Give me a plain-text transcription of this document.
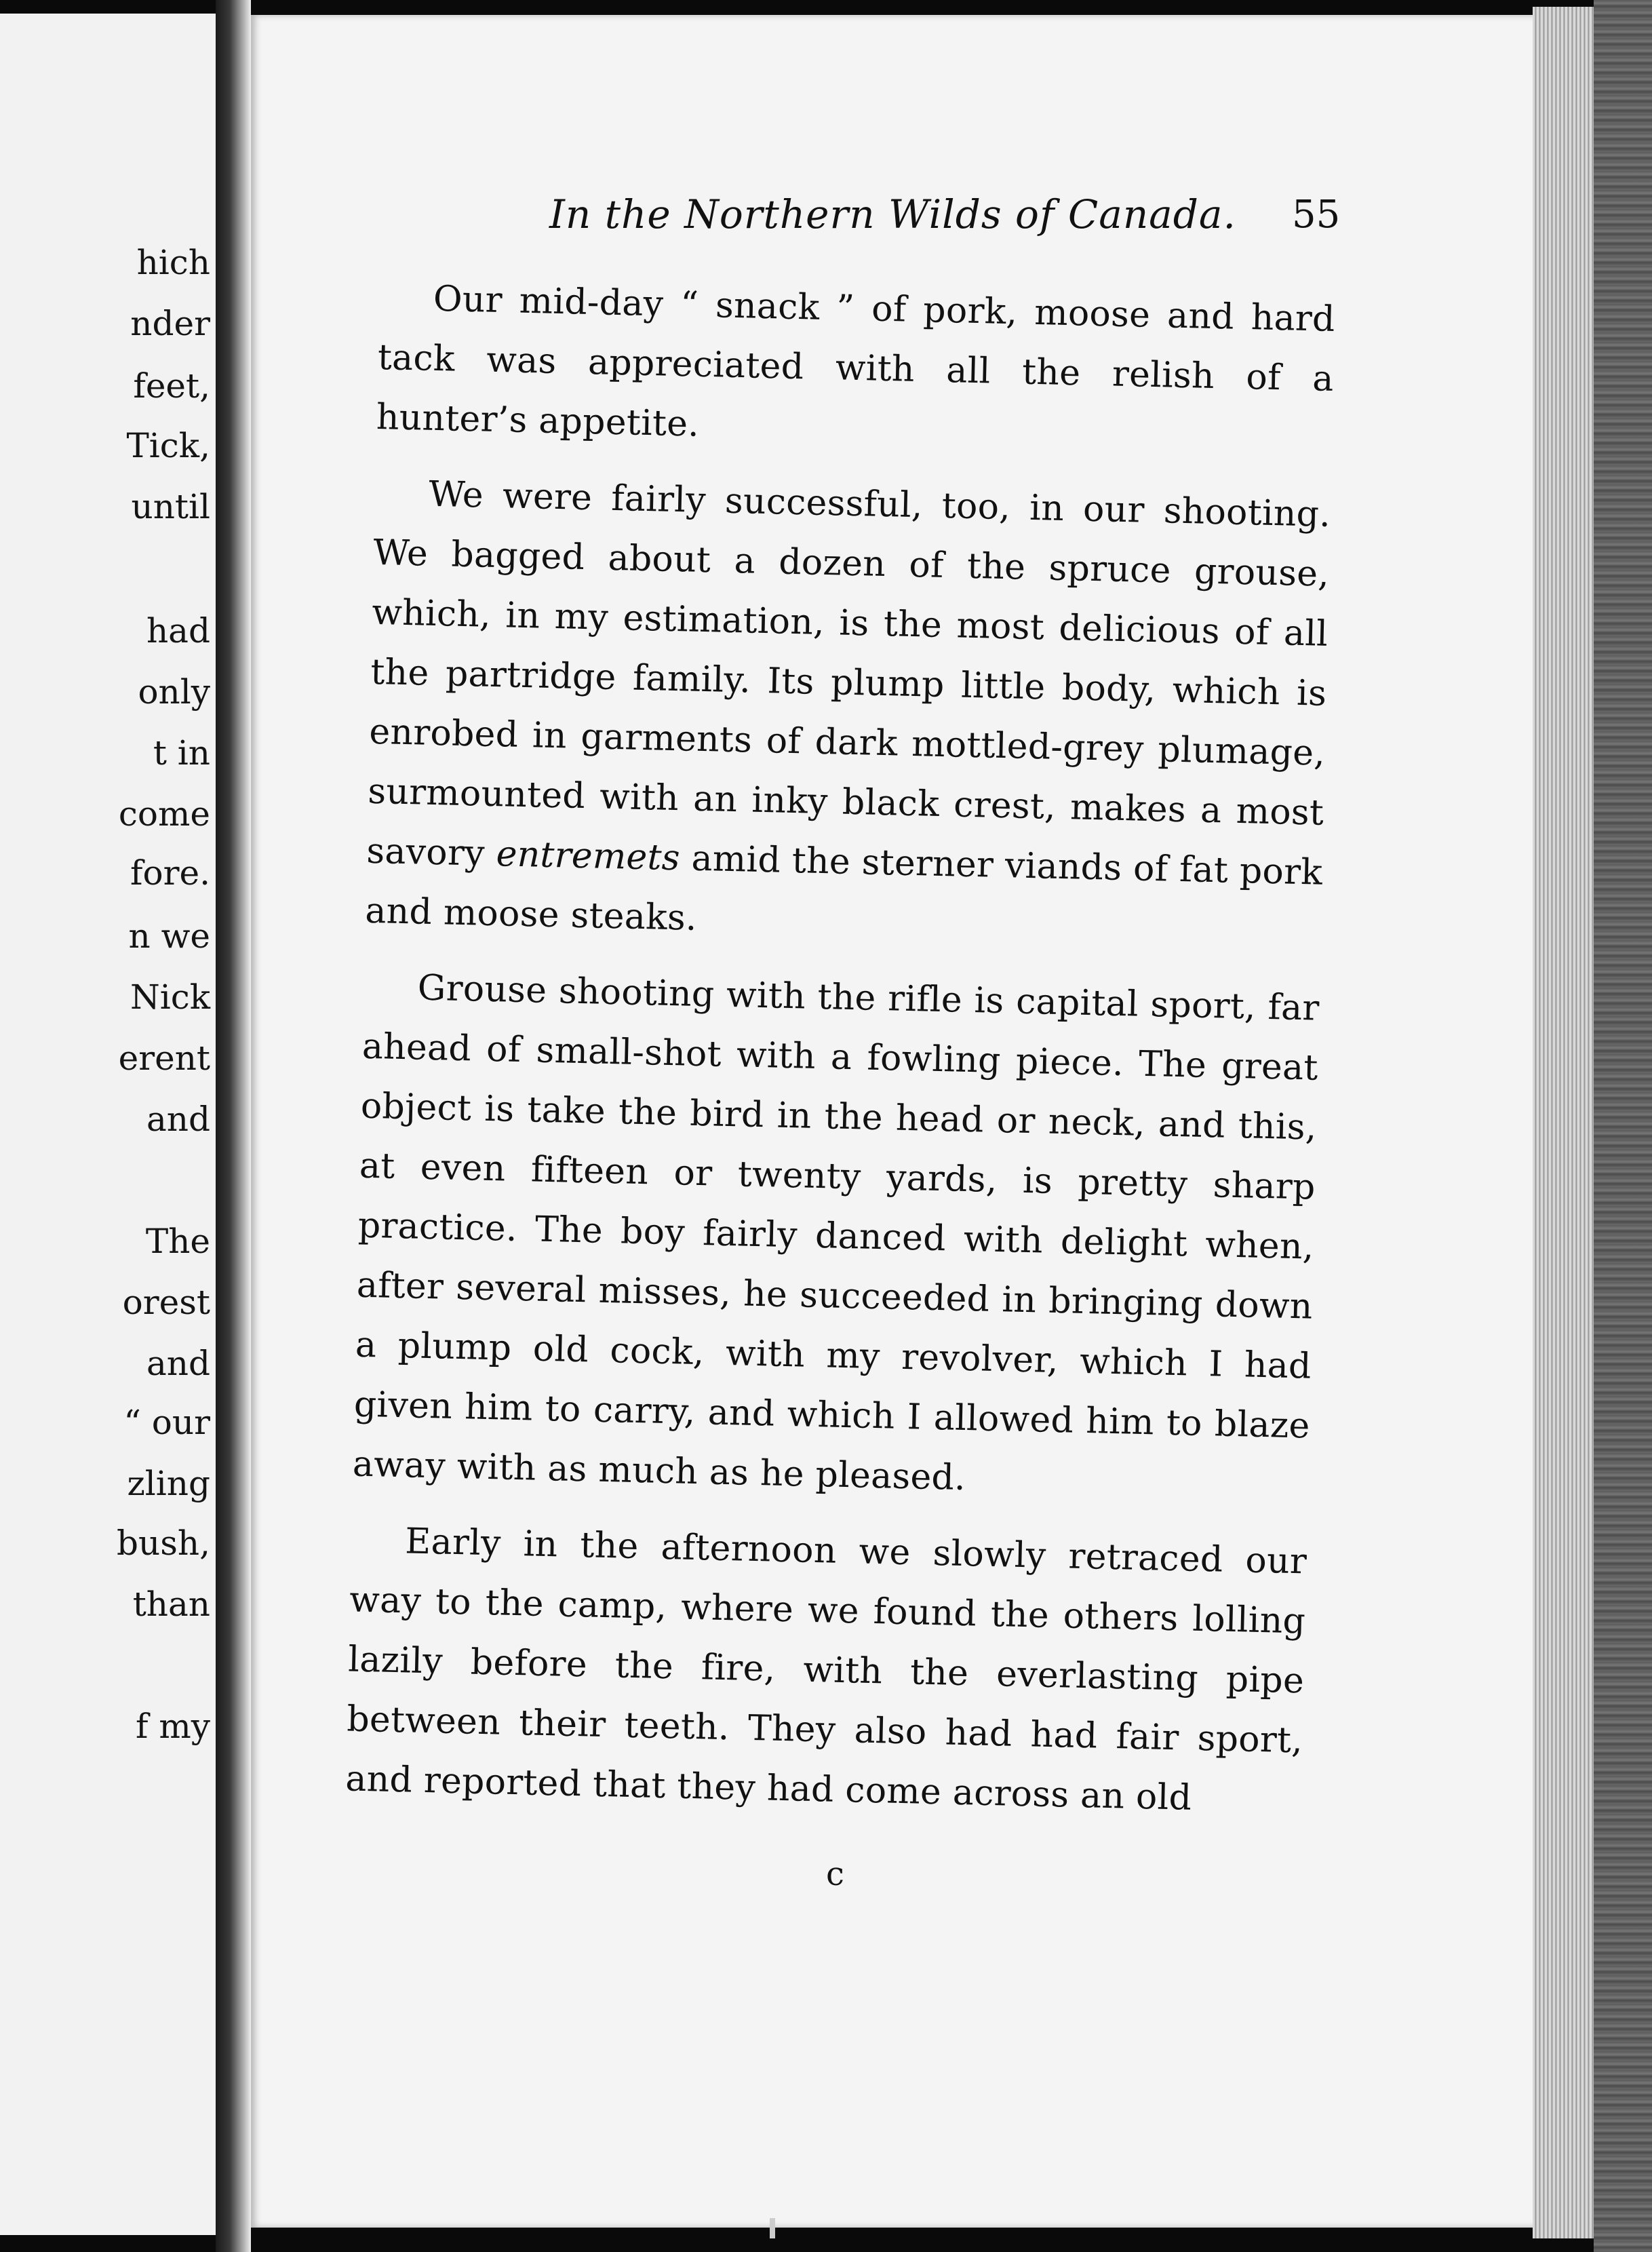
hich
nder
feet,
Tick,
until
had
only
t in
come
fore.
n we
Nick
erent
and
The
orest
and
“ our
zling
bush,
than
f my
In the Northern Wilds of Canada. 55

Our mid-day “ snack ” of pork, moose and hard tack was appreciated with all the relish of a hunter’s appetite.

We were fairly successful, too, in our shooting. We bagged about a dozen of the spruce grouse, which, in my estimation, is the most delicious of all the partridge family. Its plump little body, which is enrobed in garments of dark mottled-grey plumage, surmounted with an inky black crest, makes a most savory entremets amid the sterner viands of fat pork and moose steaks.

Grouse shooting with the rifle is capital sport, far ahead of small-shot with a fowling piece. The great object is take the bird in the head or neck, and this, at even fifteen or twenty yards, is pretty sharp practice. The boy fairly danced with delight when, after several misses, he succeeded in bringing down a plump old cock, with my revolver, which I had given him to carry, and which I allowed him to blaze away with as much as he pleased.

Early in the afternoon we slowly retraced our way to the camp, where we found the others lolling lazily before the fire, with the everlasting pipe between their teeth. They also had had fair sport, and reported that they had come across an old

c
